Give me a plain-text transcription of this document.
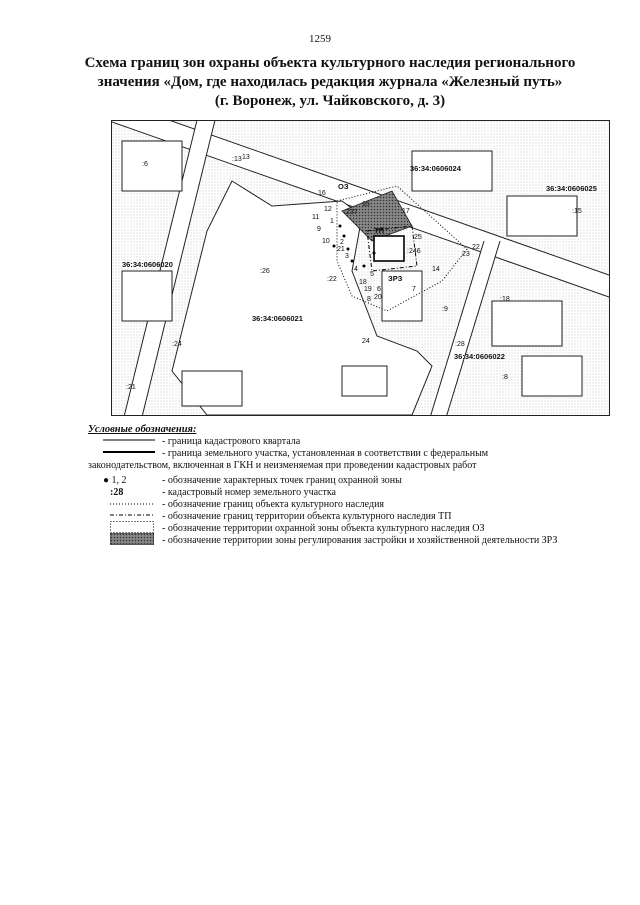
1259
Схема границ зон охраны объекта культурного наследия регионального
значения «Дом, где находилась редакция журнала «Железный путь»
(г. Воронеж, ул. Чайковского, д. 3)
36:34:0606024
36:34:0606025
36:34:0606020
36:34:0606021
36:34:0606022
:26
:237
:25
:246
:28
:22
:24
:15
:18
:6
:13
:21
:8
:9
ОЗ
ТП
ЗРЗ
1
2
3
4
5
6	7
8
9
10
11
12
13
14
15
16
17
18
19
20
21	22
23
24
Условные обозначения:
● 1, 2
:28
- граница кадастрового квартала
- граница земельного участка, установленная в соответствии с федеральным
законодательством, включенная в ГКН и неизменяемая при проведении кадастровых работ
- обозначение характерных точек границ охранной зоны
- кадастровый номер земельного участка
- обозначение границ объекта культурного наследия
- обозначение границ территории объекта культурного наследия ТП
- обозначение территории охранной зоны объекта культурного наследия ОЗ
- обозначение территории зоны регулирования застройки и хозяйственной деятельности ЗРЗ
